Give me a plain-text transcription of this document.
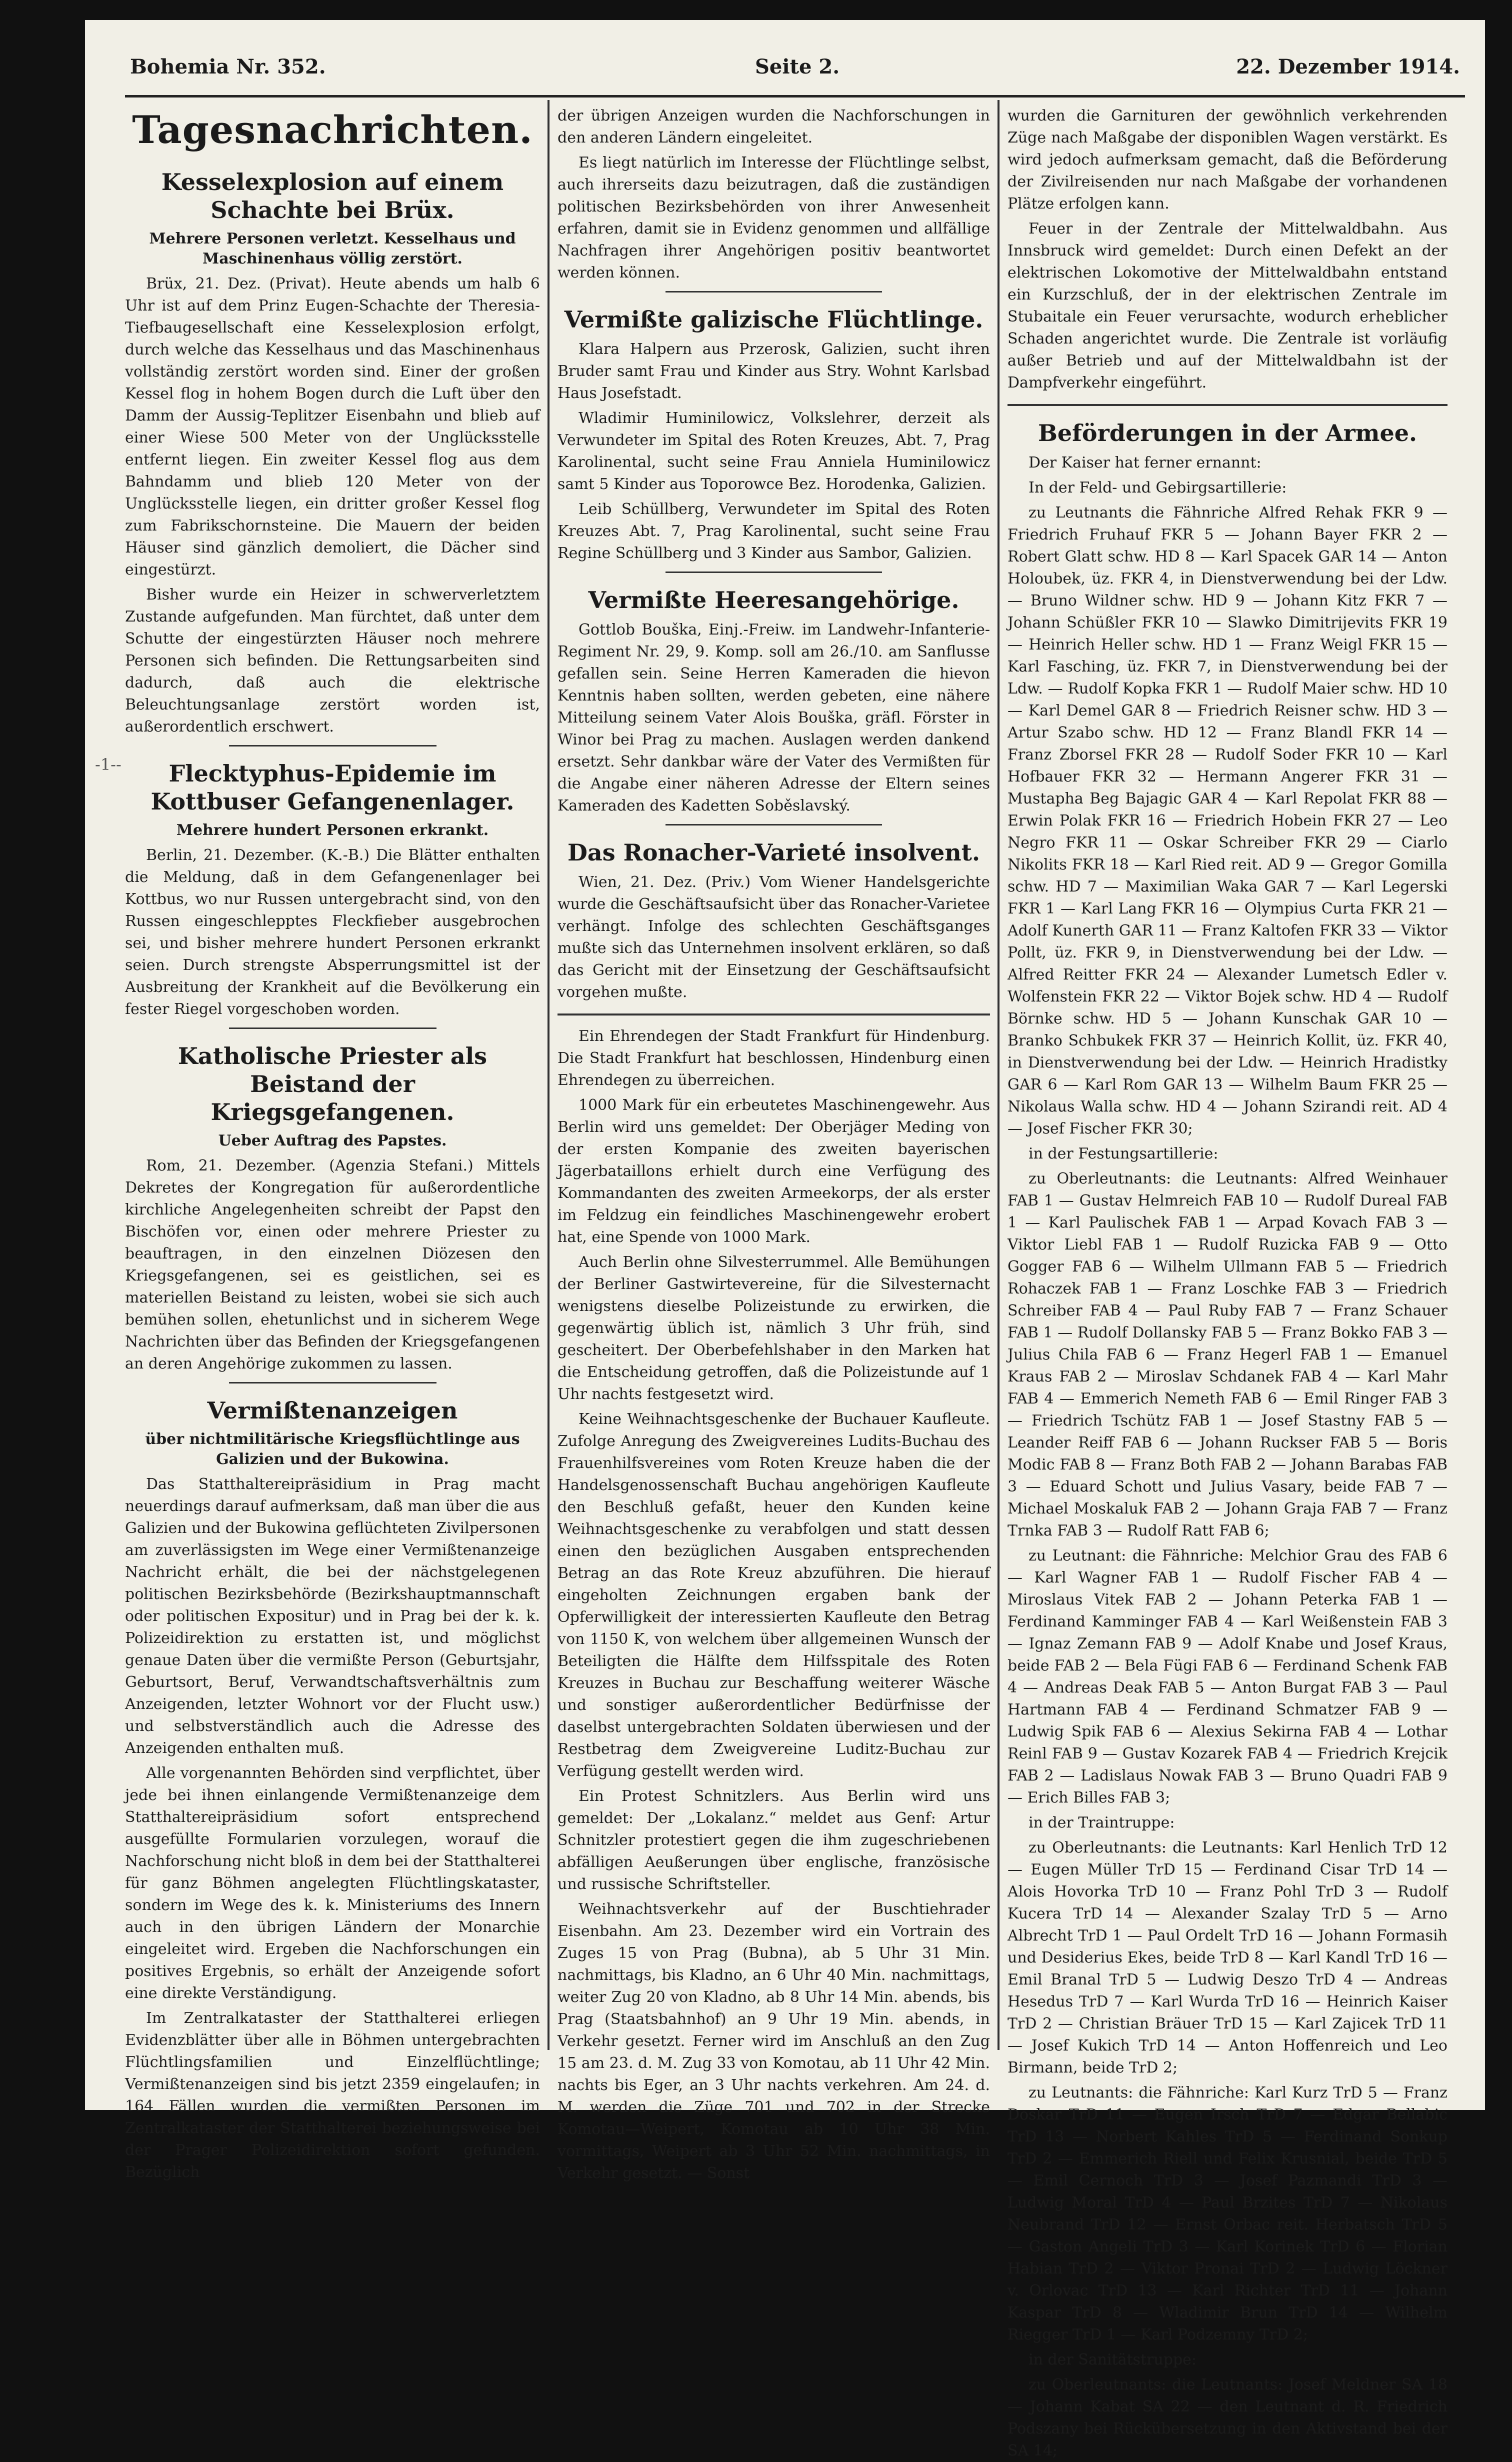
Bohemia Nr. 352.	Seite 2.	22. Dezember 1914.
-1--
Tagesnachrichten.
Kesselexplosion auf einem Schachte bei Brüx.
Mehrere Personen verletzt. Kesselhaus und Maschinenhaus völlig zerstört.

Brüx, 21. Dez. (Privat). Heute abends um halb 6 Uhr ist auf dem Prinz Eugen-Schachte der Theresia-Tiefbaugesellschaft eine Kesselexplosion erfolgt, durch welche das Kesselhaus und das Maschinenhaus vollständig zerstört worden sind. Einer der großen Kessel flog in hohem Bogen durch die Luft über den Damm der Aussig-Teplitzer Eisenbahn und blieb auf einer Wiese 500 Meter von der Unglücksstelle entfernt liegen. Ein zweiter Kessel flog aus dem Bahndamm und blieb 120 Meter von der Unglücksstelle liegen, ein dritter großer Kessel flog zum Fabrikschornsteine. Die Mauern der beiden Häuser sind gänzlich demoliert, die Dächer sind eingestürzt.

Bisher wurde ein Heizer in schwerverletztem Zustande aufgefunden. Man fürchtet, daß unter dem Schutte der eingestürzten Häuser noch mehrere Personen sich befinden. Die Rettungsarbeiten sind dadurch, daß auch die elektrische Beleuchtungsanlage zerstört worden ist, außerordentlich erschwert.

Flecktyphus-Epidemie im Kottbuser Gefangenenlager.
Mehrere hundert Personen erkrankt.

Berlin, 21. Dezember. (K.-B.) Die Blätter enthalten die Meldung, daß in dem Gefangenenlager bei Kottbus, wo nur Russen untergebracht sind, von den Russen eingeschlepptes Fleckfieber ausgebrochen sei, und bisher mehrere hundert Personen erkrankt seien. Durch strengste Absperrungsmittel ist der Ausbreitung der Krankheit auf die Bevölkerung ein fester Riegel vorgeschoben worden.

Katholische Priester als Beistand der Kriegsgefangenen.
Ueber Auftrag des Papstes.

Rom, 21. Dezember. (Agenzia Stefani.) Mittels Dekretes der Kongregation für außerordentliche kirchliche Angelegenheiten schreibt der Papst den Bischöfen vor, einen oder mehrere Priester zu beauftragen, in den einzelnen Diözesen den Kriegsgefangenen, sei es geistlichen, sei es materiellen Beistand zu leisten, wobei sie sich auch bemühen sollen, ehetunlichst und in sicherem Wege Nachrichten über das Befinden der Kriegsgefangenen an deren Angehörige zukommen zu lassen.

Vermißtenanzeigen
über nichtmilitärische Kriegsflüchtlinge aus Galizien und der Bukowina.

Das Statthaltereipräsidium in Prag macht neuerdings darauf aufmerksam, daß man über die aus Galizien und der Bukowina geflüchteten Zivilpersonen am zuverlässigsten im Wege einer Vermißtenanzeige Nachricht erhält, die bei der nächstgelegenen politischen Bezirksbehörde (Bezirkshauptmannschaft oder politischen Expositur) und in Prag bei der k. k. Polizeidirektion zu erstatten ist, und möglichst genaue Daten über die vermißte Person (Geburtsjahr, Geburtsort, Beruf, Verwandtschaftsverhältnis zum Anzeigenden, letzter Wohnort vor der Flucht usw.) und selbstverständlich auch die Adresse des Anzeigenden enthalten muß.

Alle vorgenannten Behörden sind verpflichtet, über jede bei ihnen einlangende Vermißtenanzeige dem Statthaltereipräsidium sofort entsprechend ausgefüllte Formularien vorzulegen, worauf die Nachforschung nicht bloß in dem bei der Statthalterei für ganz Böhmen angelegten Flüchtlingskataster, sondern im Wege des k. k. Ministeriums des Innern auch in den übrigen Ländern der Monarchie eingeleitet wird. Ergeben die Nachforschungen ein positives Ergebnis, so erhält der Anzeigende sofort eine direkte Verständigung.

Im Zentralkataster der Statthalterei erliegen Evidenzblätter über alle in Böhmen untergebrachten Flüchtlingsfamilien und Einzelflüchtlinge; Vermißtenanzeigen sind bis jetzt 2359 eingelaufen; in 164 Fällen wurden die vermißten Personen im Zentralkataster der Statthalterei beziehungsweise bei der Prager Polizeidirektion sofort gefunden. Bezüglich

der übrigen Anzeigen wurden die Nachforschungen in den anderen Ländern eingeleitet.

Es liegt natürlich im Interesse der Flüchtlinge selbst, auch ihrerseits dazu beizutragen, daß die zuständigen politischen Bezirksbehörden von ihrer Anwesenheit erfahren, damit sie in Evidenz genommen und allfällige Nachfragen ihrer Angehörigen positiv beantwortet werden können.

Vermißte galizische Flüchtlinge.

Klara Halpern aus Przerosk, Galizien, sucht ihren Bruder samt Frau und Kinder aus Stry. Wohnt Karlsbad Haus Josefstadt.

Wladimir Huminilowicz, Volkslehrer, derzeit als Verwundeter im Spital des Roten Kreuzes, Abt. 7, Prag Karolinental, sucht seine Frau Anniela Huminilowicz samt 5 Kinder aus Toporowce Bez. Horodenka, Galizien.

Leib Schüllberg, Verwundeter im Spital des Roten Kreuzes Abt. 7, Prag Karolinental, sucht seine Frau Regine Schüllberg und 3 Kinder aus Sambor, Galizien.

Vermißte Heeresangehörige.

Gottlob Bouška, Einj.-Freiw. im Landwehr-Infanterie-Regiment Nr. 29, 9. Komp. soll am 26./10. am Sanflusse gefallen sein. Seine Herren Kameraden die hievon Kenntnis haben sollten, werden gebeten, eine nähere Mitteilung seinem Vater Alois Bouška, gräfl. Förster in Winor bei Prag zu machen. Auslagen werden dankend ersetzt. Sehr dankbar wäre der Vater des Vermißten für die Angabe einer näheren Adresse der Eltern seines Kameraden des Kadetten Soběslavský.

Das Ronacher-Varieté insolvent.

Wien, 21. Dez. (Priv.) Vom Wiener Handelsgerichte wurde die Geschäftsaufsicht über das Ronacher-Varietee verhängt. Infolge des schlechten Geschäftsganges mußte sich das Unternehmen insolvent erklären, so daß das Gericht mit der Einsetzung der Geschäftsaufsicht vorgehen mußte.

Ein Ehrendegen der Stadt Frankfurt für Hindenburg. Die Stadt Frankfurt hat beschlossen, Hindenburg einen Ehrendegen zu überreichen.

1000 Mark für ein erbeutetes Maschinengewehr. Aus Berlin wird uns gemeldet: Der Oberjäger Meding von der ersten Kompanie des zweiten bayerischen Jägerbataillons erhielt durch eine Verfügung des Kommandanten des zweiten Armeekorps, der als erster im Feldzug ein feindliches Maschinengewehr erobert hat, eine Spende von 1000 Mark.

Auch Berlin ohne Silvesterrummel. Alle Bemühungen der Berliner Gastwirtevereine, für die Silvesternacht wenigstens dieselbe Polizeistunde zu erwirken, die gegenwärtig üblich ist, nämlich 3 Uhr früh, sind gescheitert. Der Oberbefehlshaber in den Marken hat die Entscheidung getroffen, daß die Polizeistunde auf 1 Uhr nachts festgesetzt wird.

Keine Weihnachtsgeschenke der Buchauer Kaufleute. Zufolge Anregung des Zweigvereines Ludits-Buchau des Frauenhilfsvereines vom Roten Kreuze haben die der Handelsgenossenschaft Buchau angehörigen Kaufleute den Beschluß gefaßt, heuer den Kunden keine Weihnachtsgeschenke zu verabfolgen und statt dessen einen den bezüglichen Ausgaben entsprechenden Betrag an das Rote Kreuz abzuführen. Die hierauf eingeholten Zeichnungen ergaben bank der Opferwilligkeit der interessierten Kaufleute den Betrag von 1150 K, von welchem über allgemeinen Wunsch der Beteiligten die Hälfte dem Hilfsspitale des Roten Kreuzes in Buchau zur Beschaffung weiterer Wäsche und sonstiger außerordentlicher Bedürfnisse der daselbst untergebrachten Soldaten überwiesen und der Restbetrag dem Zweigvereine Luditz-Buchau zur Verfügung gestellt werden wird.

Ein Protest Schnitzlers. Aus Berlin wird uns gemeldet: Der „Lokalanz.“ meldet aus Genf: Artur Schnitzler protestiert gegen die ihm zugeschriebenen abfälligen Aeußerungen über englische, französische und russische Schriftsteller.

Weihnachtsverkehr auf der Buschtiehrader Eisenbahn. Am 23. Dezember wird ein Vortrain des Zuges 15 von Prag (Bubna), ab 5 Uhr 31 Min. nachmittags, bis Kladno, an 6 Uhr 40 Min. nachmittags, weiter Zug 20 von Kladno, ab 8 Uhr 14 Min. abends, bis Prag (Staatsbahnhof) an 9 Uhr 19 Min. abends, in Verkehr gesetzt. Ferner wird im Anschluß an den Zug 15 am 23. d. M. Zug 33 von Komotau, ab 11 Uhr 42 Min. nachts bis Eger, an 3 Uhr nachts verkehren. Am 24. d. M. werden die Züge 701 und 702 in der Strecke Komotau—Weipert, Komotau ab 10 Uhr 38 Min. vormittags, Weipert ab 3 Uhr 52 Min. nachmittags, in Verkehr gesetzt. — Sonst

wurden die Garnituren der gewöhnlich verkehrenden Züge nach Maßgabe der disponiblen Wagen verstärkt. Es wird jedoch aufmerksam gemacht, daß die Beförderung der Zivilreisenden nur nach Maßgabe der vorhandenen Plätze erfolgen kann.

Feuer in der Zentrale der Mittelwaldbahn. Aus Innsbruck wird gemeldet: Durch einen Defekt an der elektrischen Lokomotive der Mittelwaldbahn entstand ein Kurzschluß, der in der elektrischen Zentrale im Stubaitale ein Feuer verursachte, wodurch erheblicher Schaden angerichtet wurde. Die Zentrale ist vorläufig außer Betrieb und auf der Mittelwaldbahn ist der Dampfverkehr eingeführt.

Beförderungen in der Armee.

Der Kaiser hat ferner ernannt:

In der Feld- und Gebirgsartillerie:

zu Leutnants die Fähnriche Alfred Rehak FKR 9 — Friedrich Fruhauf FKR 5 — Johann Bayer FKR 2 — Robert Glatt schw. HD 8 — Karl Spacek GAR 14 — Anton Holoubek, üz. FKR 4, in Dienstverwendung bei der Ldw. — Bruno Wildner schw. HD 9 — Johann Kitz FKR 7 — Johann Schüßler FKR 10 — Slawko Dimitrijevits FKR 19 — Heinrich Heller schw. HD 1 — Franz Weigl FKR 15 — Karl Fasching, üz. FKR 7, in Dienstverwendung bei der Ldw. — Rudolf Kopka FKR 1 — Rudolf Maier schw. HD 10 — Karl Demel GAR 8 — Friedrich Reisner schw. HD 3 — Artur Szabo schw. HD 12 — Franz Blandl FKR 14 — Franz Zborsel FKR 28 — Rudolf Soder FKR 10 — Karl Hofbauer FKR 32 — Hermann Angerer FKR 31 — Mustapha Beg Bajagic GAR 4 — Karl Repolat FKR 88 — Erwin Polak FKR 16 — Friedrich Hobein FKR 27 — Leo Negro FKR 11 — Oskar Schreiber FKR 29 — Ciarlo Nikolits FKR 18 — Karl Ried reit. AD 9 — Gregor Gomilla schw. HD 7 — Maximilian Waka GAR 7 — Karl Legerski FKR 1 — Karl Lang FKR 16 — Olympius Curta FKR 21 — Adolf Kunerth GAR 11 — Franz Kaltofen FKR 33 — Viktor Pollt, üz. FKR 9, in Dienstverwendung bei der Ldw. — Alfred Reitter FKR 24 — Alexander Lumetsch Edler v. Wolfenstein FKR 22 — Viktor Bojek schw. HD 4 — Rudolf Börnke schw. HD 5 — Johann Kunschak GAR 10 — Branko Schbukek FKR 37 — Heinrich Kollit, üz. FKR 40, in Dienstverwendung bei der Ldw. — Heinrich Hradistky GAR 6 — Karl Rom GAR 13 — Wilhelm Baum FKR 25 — Nikolaus Walla schw. HD 4 — Johann Szirandi reit. AD 4 — Josef Fischer FKR 30;

in der Festungsartillerie:

zu Oberleutnants: die Leutnants: Alfred Weinhauer FAB 1 — Gustav Helmreich FAB 10 — Rudolf Dureal FAB 1 — Karl Paulischek FAB 1 — Arpad Kovach FAB 3 — Viktor Liebl FAB 1 — Rudolf Ruzicka FAB 9 — Otto Gogger FAB 6 — Wilhelm Ullmann FAB 5 — Friedrich Rohaczek FAB 1 — Franz Loschke FAB 3 — Friedrich Schreiber FAB 4 — Paul Ruby FAB 7 — Franz Schauer FAB 1 — Rudolf Dollansky FAB 5 — Franz Bokko FAB 3 — Julius Chila FAB 6 — Franz Hegerl FAB 1 — Emanuel Kraus FAB 2 — Miroslav Schdanek FAB 4 — Karl Mahr FAB 4 — Emmerich Nemeth FAB 6 — Emil Ringer FAB 3 — Friedrich Tschütz FAB 1 — Josef Stastny FAB 5 — Leander Reiff FAB 6 — Johann Ruckser FAB 5 — Boris Modic FAB 8 — Franz Both FAB 2 — Johann Barabas FAB 3 — Eduard Schott und Julius Vasary, beide FAB 7 — Michael Moskaluk FAB 2 — Johann Graja FAB 7 — Franz Trnka FAB 3 — Rudolf Ratt FAB 6;

zu Leutnant: die Fähnriche: Melchior Grau des FAB 6 — Karl Wagner FAB 1 — Rudolf Fischer FAB 4 — Miroslaus Vitek FAB 2 — Johann Peterka FAB 1 — Ferdinand Kamminger FAB 4 — Karl Weißenstein FAB 3 — Ignaz Zemann FAB 9 — Adolf Knabe und Josef Kraus, beide FAB 2 — Bela Fügi FAB 6 — Ferdinand Schenk FAB 4 — Andreas Deak FAB 5 — Anton Burgat FAB 3 — Paul Hartmann FAB 4 — Ferdinand Schmatzer FAB 9 — Ludwig Spik FAB 6 — Alexius Sekirna FAB 4 — Lothar Reinl FAB 9 — Gustav Kozarek FAB 4 — Friedrich Krejcik FAB 2 — Ladislaus Nowak FAB 3 — Bruno Quadri FAB 9 — Erich Billes FAB 3;

in der Traintruppe:

zu Oberleutnants: die Leutnants: Karl Henlich TrD 12 — Eugen Müller TrD 15 — Ferdinand Cisar TrD 14 — Alois Hovorka TrD 10 — Franz Pohl TrD 3 — Rudolf Kucera TrD 14 — Alexander Szalay TrD 5 — Arno Albrecht TrD 1 — Paul Ordelt TrD 16 — Johann Formasih und Desiderius Ekes, beide TrD 8 — Karl Kandl TrD 16 — Emil Branal TrD 5 — Ludwig Deszo TrD 4 — Andreas Hesedus TrD 7 — Karl Wurda TrD 16 — Heinrich Kaiser TrD 2 — Christian Bräuer TrD 15 — Karl Zajicek TrD 11 — Josef Kukich TrD 14 — Anton Hoffenreich und Leo Birmann, beide TrD 2;

zu Leutnants: die Fähnriche: Karl Kurz TrD 5 — Franz Doskar TrD 11 — Eugen Irsch TrD 7 — Edgar Bellabic TrD 13 — Norbert Kahles TrD 5 — Ferdinand Sonkup TrD 2 — Emmerich Riell und Felix Krusnial, beide TrD 5 — Emil Cernoch TrD 3 — Josef Pazmandi TrD 3 — Ludwig Moral TrD 4 — Paul Brzites TrD 7 — Nikolaus Neubrand TrD 12 — Ernst Orbac reit. Herbatsch TrD 5 — Gaston Angeli TrD 3 — Karl Korinek TrD 6 — Florian Habian TrD 2 — Viktor Pronai TrD 2 — Ludwig Löckner v. Orlovac TrD 13 — Karl Richter TrD 11 — Johann Kaspar TrD 8 — Wladimir Brun TrD 14 — Wilhelm Riegger TrD 1 — Karl Podzemny TrD 2;

in der Sanitätstruppe:

zu Oberleutnants: die Leutnants: Josef Meldner SA 18 — Johann Kabat SA 22 — den Leutnant d. R. Friedrich Podszany bei Rückübersetzung in den Aktivstand bei der SA 14;
